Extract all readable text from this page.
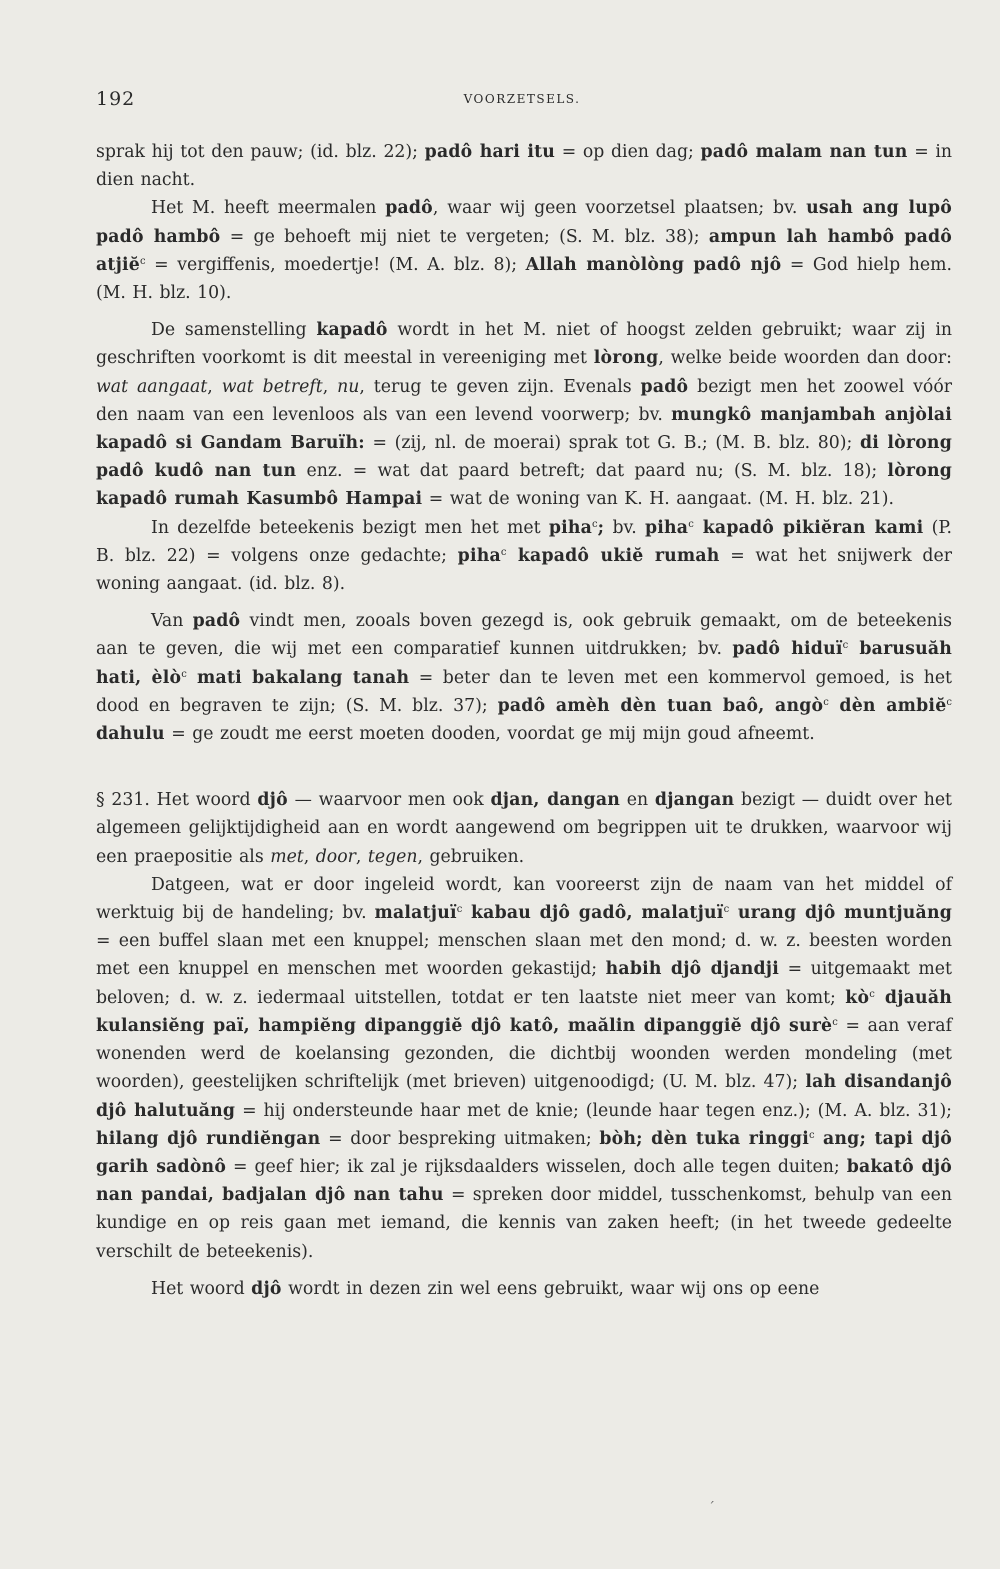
192	VOORZETSELS.

sprak hij tot den pauw; (id. blz. 22); padô hari itu = op dien dag; padô malam nan tun = in dien nacht.

Het M. heeft meermalen padô, waar wij geen voorzetsel plaatsen; bv. usah ang lupô padô hambô = ge behoeft mij niet te vergeten; (S. M. blz. 38); ampun lah hambô padô atjiĕ$^c$ = vergiffenis, moedertje! (M. A. blz. 8); Allah manòlòng padô njô = God hielp hem. (M. H. blz. 10).

De samenstelling kapadô wordt in het M. niet of hoogst zelden gebruikt; waar zij in geschriften voorkomt is dit meestal in vereeniging met lòrong, welke beide woorden dan door: wat aangaat, wat betreft, nu, terug te geven zijn. Evenals padô bezigt men het zoowel vóór den naam van een levenloos als van een levend voorwerp; bv. mungkô manjambah anjòlai kapadô si Gandam Baruïh: = (zij, nl. de moerai) sprak tot G. B.; (M. B. blz. 80); di lòrong padô kudô nan tun enz. = wat dat paard betreft; dat paard nu; (S. M. blz. 18); lòrong kapadô rumah Kasumbô Hampai = wat de woning van K. H. aangaat. (M. H. blz. 21).

In dezelfde beteekenis bezigt men het met piha$^c$; bv. piha$^c$ kapadô pikiĕran kami (P. B. blz. 22) = volgens onze gedachte; piha$^c$ kapadô ukiĕ rumah = wat het snijwerk der woning aangaat. (id. blz. 8).

Van padô vindt men, zooals boven gezegd is, ook gebruik gemaakt, om de beteekenis aan te geven, die wij met een comparatief kunnen uitdrukken; bv. padô hiduï$^c$ barusuăh hati, èlò$^c$ mati bakalang tanah = beter dan te leven met een kommervol gemoed, is het dood en begraven te zijn; (S. M. blz. 37); padô amèh dèn tuan baô, angò$^c$ dèn ambiĕ$^c$ dahulu = ge zoudt me eerst moeten dooden, voordat ge mij mijn goud afneemt.

§ 231. Het woord djô — waarvoor men ook djan, dangan en djangan bezigt — duidt over het algemeen gelijktijdigheid aan en wordt aangewend om begrippen uit te drukken, waarvoor wij een praepositie als met, door, tegen, gebruiken.

Datgeen, wat er door ingeleid wordt, kan vooreerst zijn de naam van het middel of werktuig bij de handeling; bv. malatjuï$^c$ kabau djô gadô, malatjuï$^c$ urang djô muntjuăng = een buffel slaan met een knuppel; menschen slaan met den mond; d. w. z. beesten worden met een knuppel en menschen met woorden gekastijd; habih djô djandji = uitgemaakt met beloven; d. w. z. iedermaal uitstellen, totdat er ten laatste niet meer van komt; $kò^c$ djauăh kulansiĕng paï, hampiĕng dipanggiĕ djô katô, maălin dipanggiĕ djô surè$^c$ = aan veraf wonenden werd de koelansing gezonden, die dichtbij woonden werden mondeling (met woorden), geestelijken schriftelijk (met brieven) uitgenoodigd; (U. M. blz. 47); lah disandanjô djô halutuăng = hij ondersteunde haar met de knie; (leunde haar tegen enz.); (M. A. blz. 31); hilang djô rundiĕngan = door bespreking uitmaken; bòh; dèn tuka ringgi$^c$ ang; tapi djô garih sadònô = geef hier; ik zal je rijksdaalders wisselen, doch alle tegen duiten; bakatô djô nan pandai, badjalan djô nan tahu = spreken door middel, tusschenkomst, behulp van een kundige en op reis gaan met iemand, die kennis van zaken heeft; (in het tweede gedeelte verschilt de beteekenis).

Het woord djô wordt in dezen zin wel eens gebruikt, waar wij ons op eene

ˊ
